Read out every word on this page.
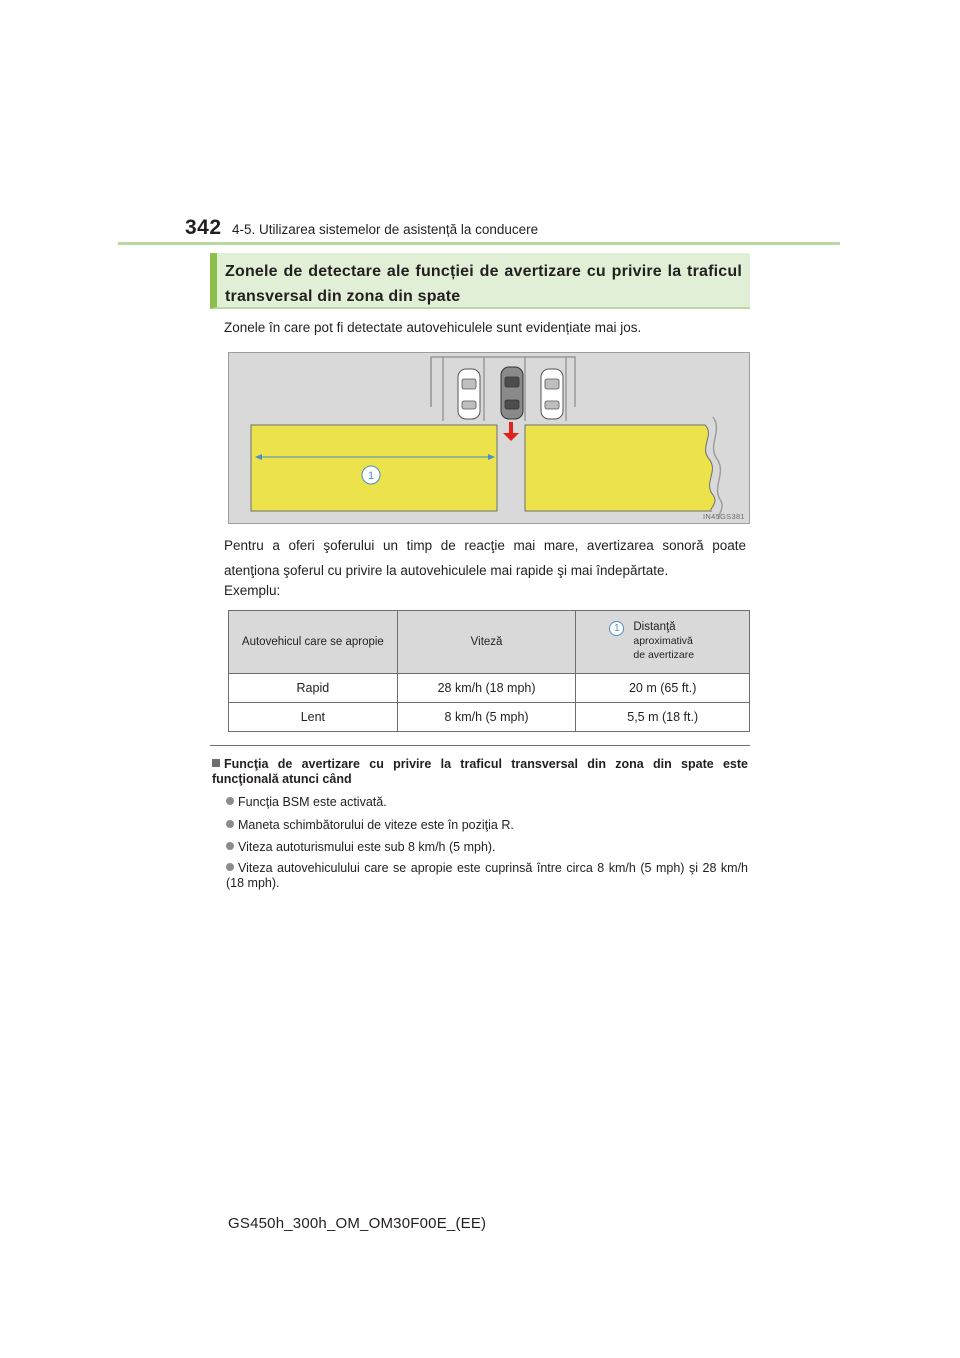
342 4-5. Utilizarea sistemelor de asistență la conducere
Zonele de detectare ale funcției de avertizare cu privire la traficul transversal din zona din spate
Zonele în care pot fi detectate autovehiculele sunt evidențiate mai jos.
1
IN45GS381
Pentru a oferi şoferului un timp de reacţie mai mare, avertizarea sonoră poate
atenţiona şoferul cu privire la autovehiculele mai rapide şi mai îndepărtate.
Exemplu:
Autovehicul care se apropie	Viteză	1 Distanţă
aproximativă
de avertizare

Rapid	28 km/h (18 mph)	20 m (65 ft.)
Lent	8 km/h (5 mph)	5,5 m (18 ft.)
Funcţia de avertizare cu privire la traficul transversal din zona din spate este funcţională atunci când
Funcţia BSM este activată.
Maneta schimbătorului de viteze este în poziţia R.
Viteza autoturismului este sub 8 km/h (5 mph).
Viteza autovehiculului care se apropie este cuprinsă între circa 8 km/h (5 mph) şi 28 km/h (18 mph).
GS450h_300h_OM_OM30F00E_(EE)
